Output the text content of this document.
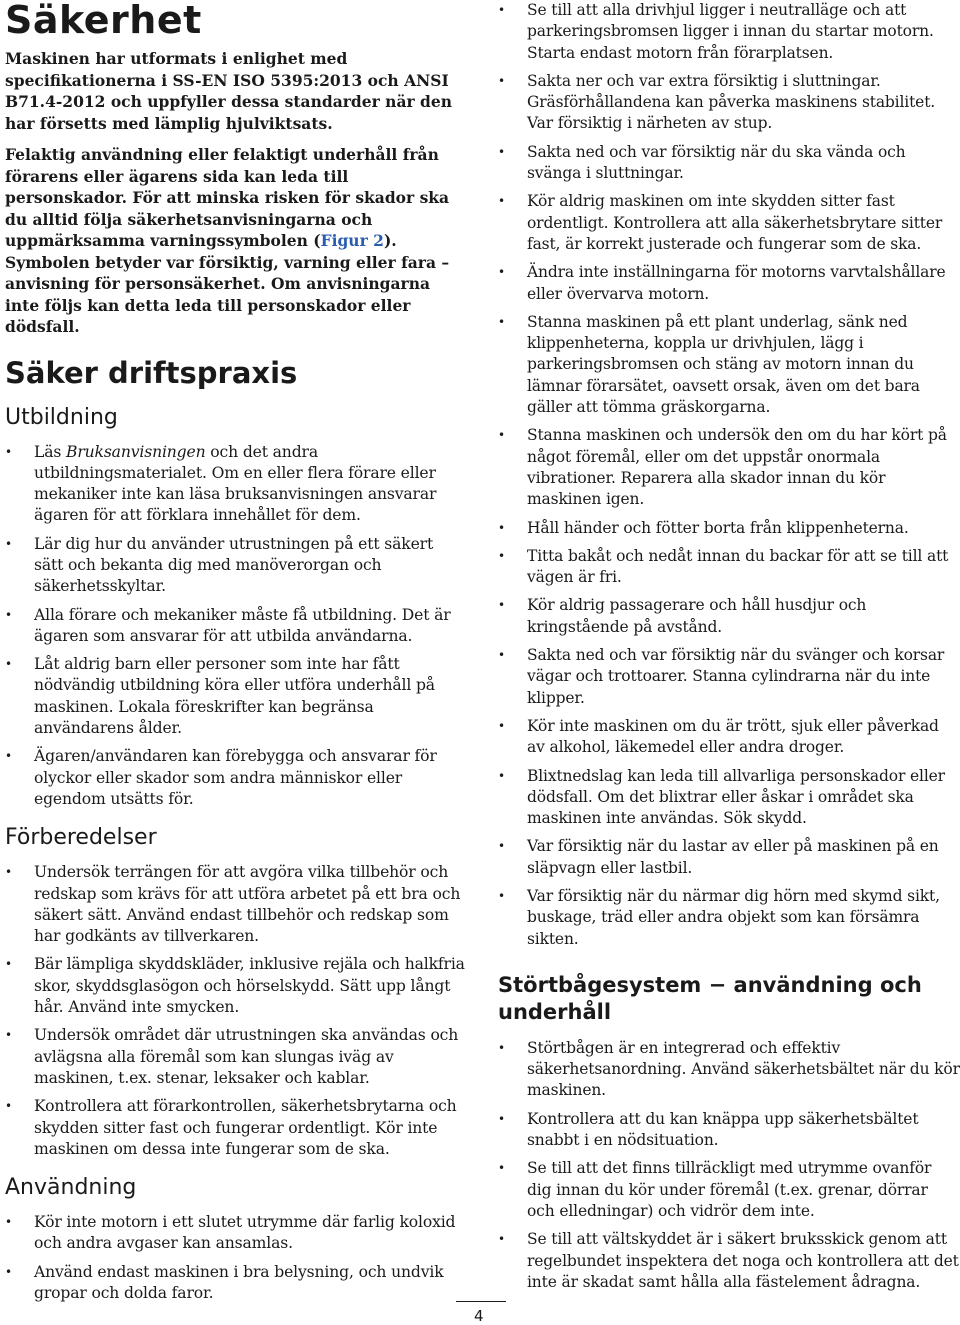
Säkerhet

Maskinen har utformats i enlighet med specifikationerna i SS-EN ISO 5395:2013 och ANSI B71.4-2012 och uppfyller dessa standarder när den har försetts med lämplig hjulviktsats.

Felaktig användning eller felaktigt underhåll från förarens eller ägarens sida kan leda till personskador. För att minska risken för skador ska du alltid följa säkerhetsanvisningarna och uppmärksamma varningssymbolen (Figur 2). Symbolen betyder var försiktig, varning eller fara – anvisning för personsäkerhet. Om anvisningarna inte följs kan detta leda till personskador eller dödsfall.

Säker driftspraxis
Utbildning
• Läs Bruksanvisningen och det andra utbildningsmaterialet. Om en eller flera förare eller mekaniker inte kan läsa bruksanvisningen ansvarar ägaren för att förklara innehållet för dem.
• Lär dig hur du använder utrustningen på ett säkert sätt och bekanta dig med manöverorgan och säkerhetsskyltar.
• Alla förare och mekaniker måste få utbildning. Det är ägaren som ansvarar för att utbilda användarna.
• Låt aldrig barn eller personer som inte har fått nödvändig utbildning köra eller utföra underhåll på maskinen. Lokala föreskrifter kan begränsa användarens ålder.
• Ägaren/användaren kan förebygga och ansvarar för olyckor eller skador som andra människor eller egendom utsätts för.
Förberedelser
• Undersök terrängen för att avgöra vilka tillbehör och redskap som krävs för att utföra arbetet på ett bra och säkert sätt. Använd endast tillbehör och redskap som har godkänts av tillverkaren.
• Bär lämpliga skyddskläder, inklusive rejäla och halkfria skor, skyddsglasögon och hörselskydd. Sätt upp långt hår. Använd inte smycken.
• Undersök området där utrustningen ska användas och avlägsna alla föremål som kan slungas iväg av maskinen, t.ex. stenar, leksaker och kablar.
• Kontrollera att förarkontrollen, säkerhetsbrytarna och skydden sitter fast och fungerar ordentligt. Kör inte maskinen om dessa inte fungerar som de ska.
Användning
• Kör inte motorn i ett slutet utrymme där farlig koloxid och andra avgaser kan ansamlas.
• Använd endast maskinen i bra belysning, och undvik gropar och dolda faror.
• Se till att alla drivhjul ligger i neutralläge och att parkeringsbromsen ligger i innan du startar motorn. Starta endast motorn från förarplatsen.
• Sakta ner och var extra försiktig i sluttningar. Gräsförhållandena kan påverka maskinens stabilitet. Var försiktig i närheten av stup.
• Sakta ned och var försiktig när du ska vända och svänga i sluttningar.
• Kör aldrig maskinen om inte skydden sitter fast ordentligt. Kontrollera att alla säkerhetsbrytare sitter fast, är korrekt justerade och fungerar som de ska.
• Ändra inte inställningarna för motorns varvtalshållare eller övervarva motorn.
• Stanna maskinen på ett plant underlag, sänk ned klippenheterna, koppla ur drivhjulen, lägg i parkeringsbromsen och stäng av motorn innan du lämnar förarsätet, oavsett orsak, även om det bara gäller att tömma gräskorgarna.
• Stanna maskinen och undersök den om du har kört på något föremål, eller om det uppstår onormala vibrationer. Reparera alla skador innan du kör maskinen igen.
• Håll händer och fötter borta från klippenheterna.
• Titta bakåt och nedåt innan du backar för att se till att vägen är fri.
• Kör aldrig passagerare och håll husdjur och kringstående på avstånd.
• Sakta ned och var försiktig när du svänger och korsar vägar och trottoarer. Stanna cylindrarna när du inte klipper.
• Kör inte maskinen om du är trött, sjuk eller påverkad av alkohol, läkemedel eller andra droger.
• Blixtnedslag kan leda till allvarliga personskador eller dödsfall. Om det blixtrar eller åskar i området ska maskinen inte användas. Sök skydd.
• Var försiktig när du lastar av eller på maskinen på en släpvagn eller lastbil.
• Var försiktig när du närmar dig hörn med skymd sikt, buskage, träd eller andra objekt som kan försämra sikten.
Störtbågesystem − användning och underhåll
• Störtbågen är en integrerad och effektiv säkerhetsanordning. Använd säkerhetsbältet när du kör maskinen.
• Kontrollera att du kan knäppa upp säkerhetsbältet snabbt i en nödsituation.
• Se till att det finns tillräckligt med utrymme ovanför dig innan du kör under föremål (t.ex. grenar, dörrar och elledningar) och vidrör dem inte.
• Se till att vältskyddet är i säkert bruksskick genom att regelbundet inspektera det noga och kontrollera att det inte är skadat samt hålla alla fästelement ådragna.
4
